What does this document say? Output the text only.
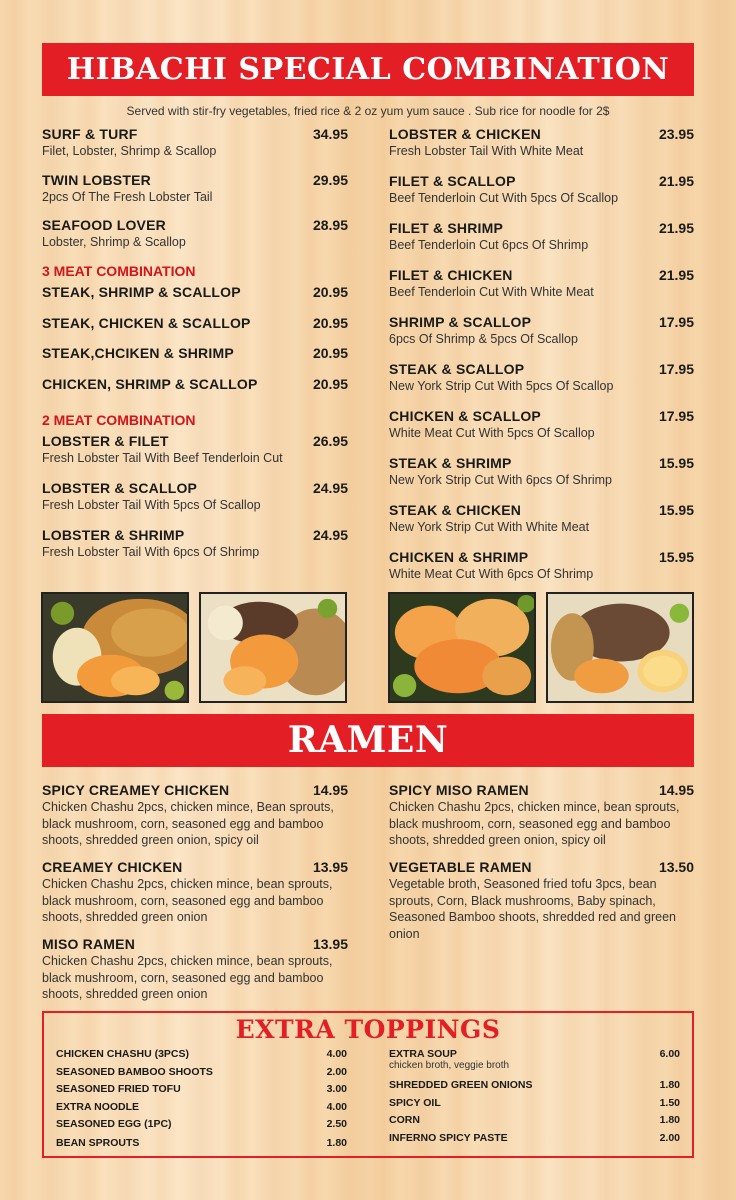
HIBACHI SPECIAL COMBINATION
Served with stir-fry vegetables, fried rice & 2 oz yum yum sauce . Sub rice for noodle for 2$
SURF & TURF	34.95
Filet, Lobster, Shrimp & Scallop
TWIN LOBSTER	29.95
2pcs Of The Fresh Lobster Tail
SEAFOOD LOVER	28.95
Lobster, Shrimp & Scallop
3 MEAT COMBINATION
STEAK, SHRIMP & SCALLOP	20.95
STEAK, CHICKEN & SCALLOP	20.95
STEAK,CHCIKEN & SHRIMP	20.95
CHICKEN, SHRIMP & SCALLOP	20.95
2 MEAT COMBINATION
LOBSTER & FILET	26.95
Fresh Lobster Tail With Beef Tenderloin Cut
LOBSTER & SCALLOP	24.95
Fresh Lobster Tail With 5pcs Of Scallop
LOBSTER & SHRIMP	24.95
Fresh Lobster Tail With 6pcs Of Shrimp
LOBSTER & CHICKEN	23.95
Fresh Lobster Tail With White Meat
FILET & SCALLOP	21.95
Beef Tenderloin Cut With 5pcs Of Scallop
FILET & SHRIMP	21.95
Beef Tenderloin Cut 6pcs Of Shrimp
FILET & CHICKEN	21.95
Beef Tenderloin Cut With White Meat
SHRIMP & SCALLOP	17.95
6pcs Of Shrimp & 5pcs Of Scallop
STEAK & SCALLOP	17.95
New York Strip Cut With 5pcs Of Scallop
CHICKEN & SCALLOP	17.95
White Meat Cut With 5pcs Of Scallop
STEAK & SHRIMP	15.95
New York Strip Cut With 6pcs Of Shrimp
STEAK & CHICKEN	15.95
New York Strip Cut With White Meat
CHICKEN & SHRIMP	15.95
White Meat Cut With 6pcs Of Shrimp
RAMEN
SPICY CREAMEY CHICKEN	14.95
Chicken Chashu 2pcs, chicken mince, Bean sprouts, black mushroom, corn, seasoned egg and bamboo shoots, shredded green onion, spicy oil
CREAMEY CHICKEN	13.95
Chicken Chashu 2pcs, chicken mince, bean sprouts, black mushroom, corn, seasoned egg and bamboo shoots, shredded green onion
MISO RAMEN	13.95
Chicken Chashu 2pcs, chicken mince, bean sprouts, black mushroom, corn, seasoned egg and bamboo shoots, shredded green onion
SPICY MISO RAMEN	14.95
Chicken Chashu 2pcs, chicken mince, bean sprouts, black mushroom, corn, seasoned egg and bamboo shoots, shredded green onion, spicy oil
VEGETABLE RAMEN	13.50
Vegetable broth, Seasoned fried tofu 3pcs, bean sprouts, Corn, Black mushrooms, Baby spinach, Seasoned Bamboo shoots, shredded red and green onion
EXTRA TOPPINGS
CHICKEN CHASHU (3PCS)	4.00
SEASONED BAMBOO SHOOTS	2.00
SEASONED FRIED TOFU	3.00
EXTRA NOODLE	4.00
SEASONED EGG (1PC)	2.50
BEAN SPROUTS	1.80
EXTRA SOUP	6.00
chicken broth, veggie broth
SHREDDED GREEN ONIONS	1.80
SPICY OIL	1.50
CORN	1.80
INFERNO SPICY PASTE	2.00
